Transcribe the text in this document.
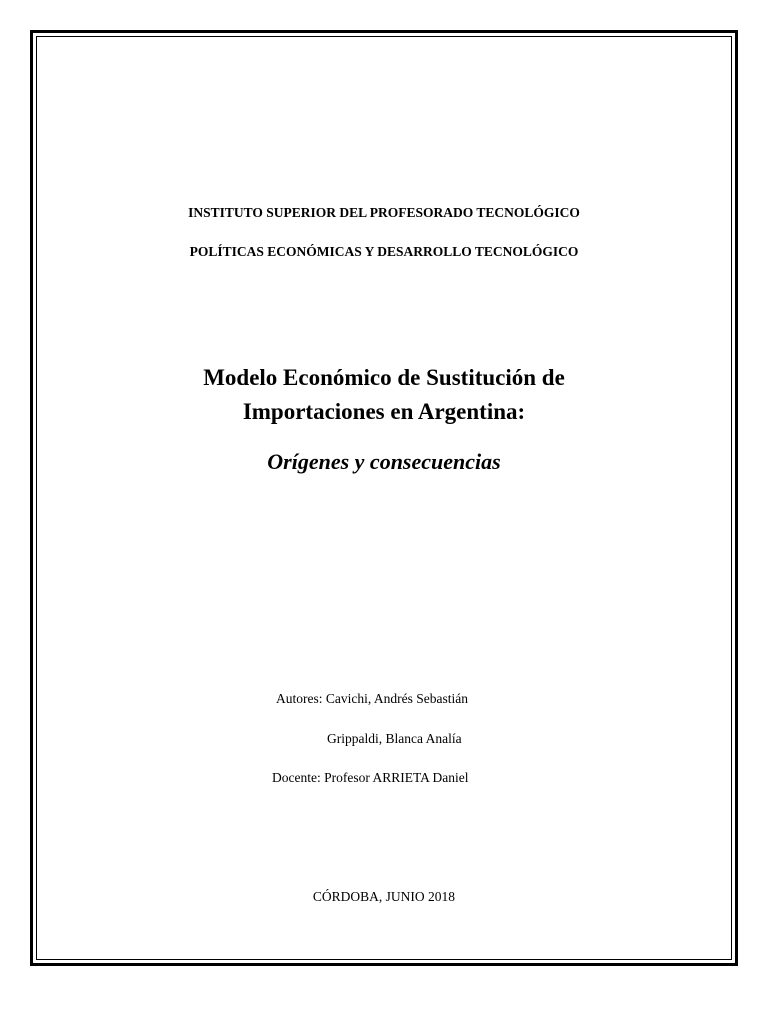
INSTITUTO SUPERIOR DEL PROFESORADO TECNOLÓGICO
POLÍTICAS ECONÓMICAS Y DESARROLLO TECNOLÓGICO
Modelo Económico de Sustitución de
Importaciones en Argentina:
Orígenes y consecuencias
Autores: Cavichi, Andrés Sebastián
Grippaldi, Blanca Analía
Docente: Profesor ARRIETA Daniel
CÓRDOBA, JUNIO 2018
